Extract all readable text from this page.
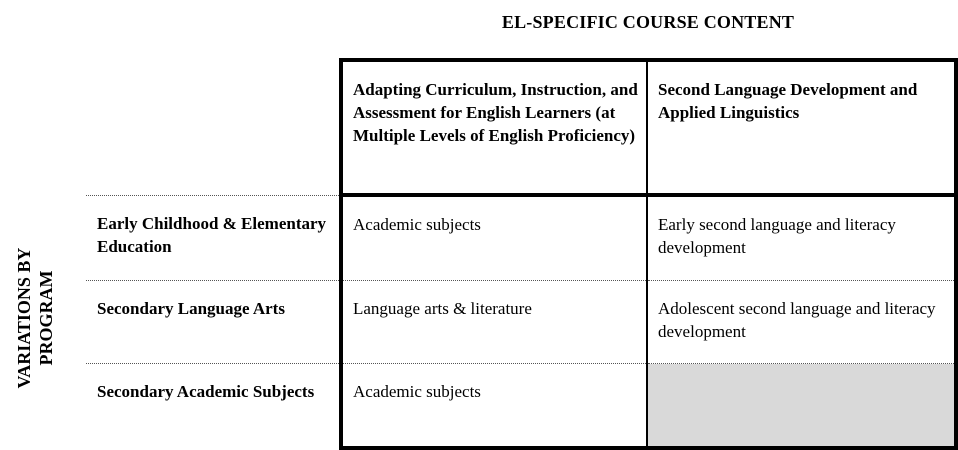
EL-SPECIFIC COURSE CONTENT
VARIATIONS BY PROGRAM

	Adapting Curriculum, Instruction, and Assessment for English Learners (at Multiple Levels of English Proficiency)	Second Language Development and Applied Linguistics

Early Childhood & Elementary Education	Academic subjects	Early second language and literacy development

Secondary Language Arts	Language arts & literature	Adolescent second language and literacy development

Secondary Academic Subjects	Academic subjects	
